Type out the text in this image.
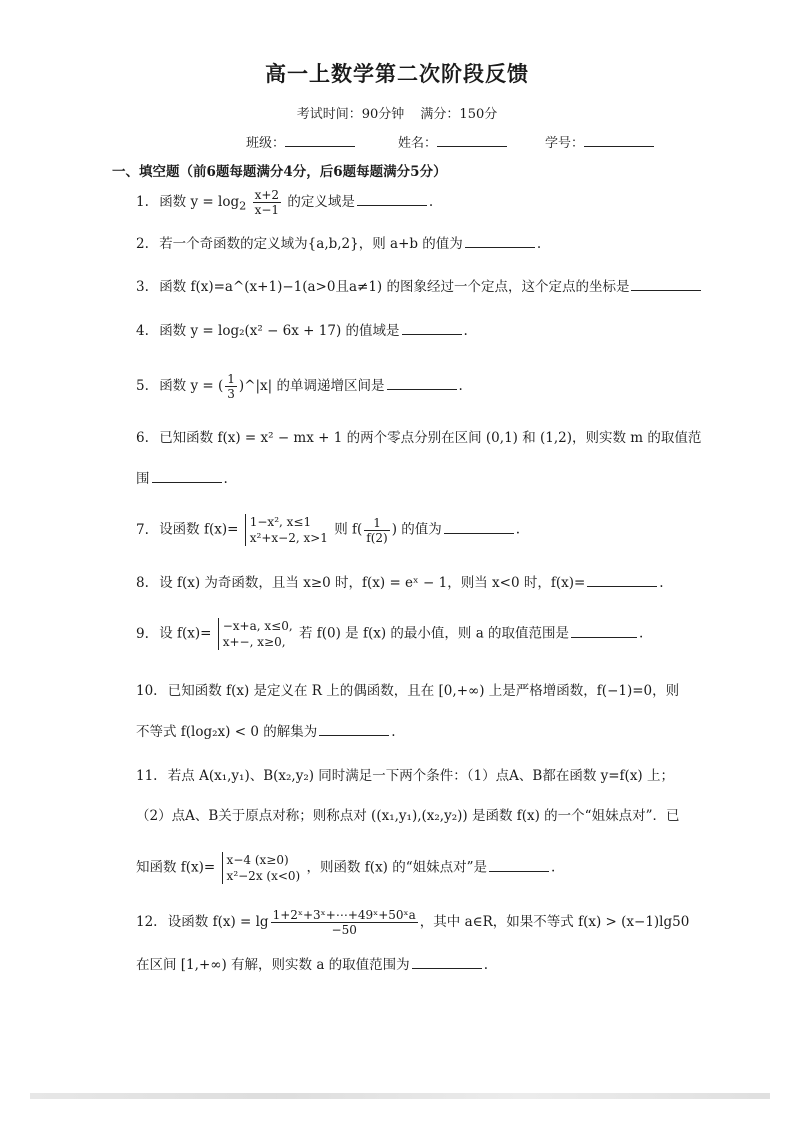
高一上数学第二次阶段反馈
考试时间：90分钟 满分：150分
班级：	姓名：	学号：
一、填空题（前6题每题满分4分，后6题每题满分5分）
1. 函数 $y = \log_2 \frac{x+2}{x-1}$ 的定义域是	.
2. 若一个奇函数的定义域为{a,b,2}，则 a+b 的值为	.
3. 函数 f(x)=a^(x+1)−1(a>0且a≠1) 的图象经过一个定点，这个定点的坐标是
4. 函数 y = log₂(x² − 6x + 17) 的值域是	.
5. 函数 y = ( $\frac{1}{3}$ )^|x| 的单调递增区间是	.
6. 已知函数 f(x) = x² − mx + 1 的两个零点分别在区间 (0,1) 和 (1,2)，则实数 m 的取值范
围	.
7. 设函数 f(x)= 1−x², x≤1
x²+x−2, x>1
则 $f( \frac{1}{f(2)}$ ) 的值为	.
8. 设 f(x) 为奇函数，且当 x≥0 时，f(x) = eˣ − 1，则当 x<0 时，f(x)=	.
9. 设 f(x)= −x+a, x≤0,
x+−, x≥0,
若 f(0) 是 f(x) 的最小值，则 a 的取值范围是	.
10. 已知函数 f(x) 是定义在 R 上的偶函数，且在 [0,+∞) 上是严格增函数，f(−1)=0，则
不等式 f(log₂x) < 0 的解集为	.
11. 若点 A(x₁,y₁)、B(x₂,y₂) 同时满足一下两个条件：（1）点A、B都在函数 y=f(x) 上；
（2）点A、B关于原点对称；则称点对 ((x₁,y₁),(x₂,y₂)) 是函数 f(x) 的一个“姐妹点对”．已
知函数 f(x)= x−4 (x≥0)
x²−2x (x<0)
，则函数 f(x) 的“姐妹点对”是	.
12. 设函数 $f(x) = \lg \frac{\text{1+2ˣ+3ˣ+⋯+49ˣ+50ˣa}}{-50}$ ，其中 a∈R，如果不等式 f(x) > (x−1)lg50
在区间 [1,+∞) 有解，则实数 a 的取值范围为	.
